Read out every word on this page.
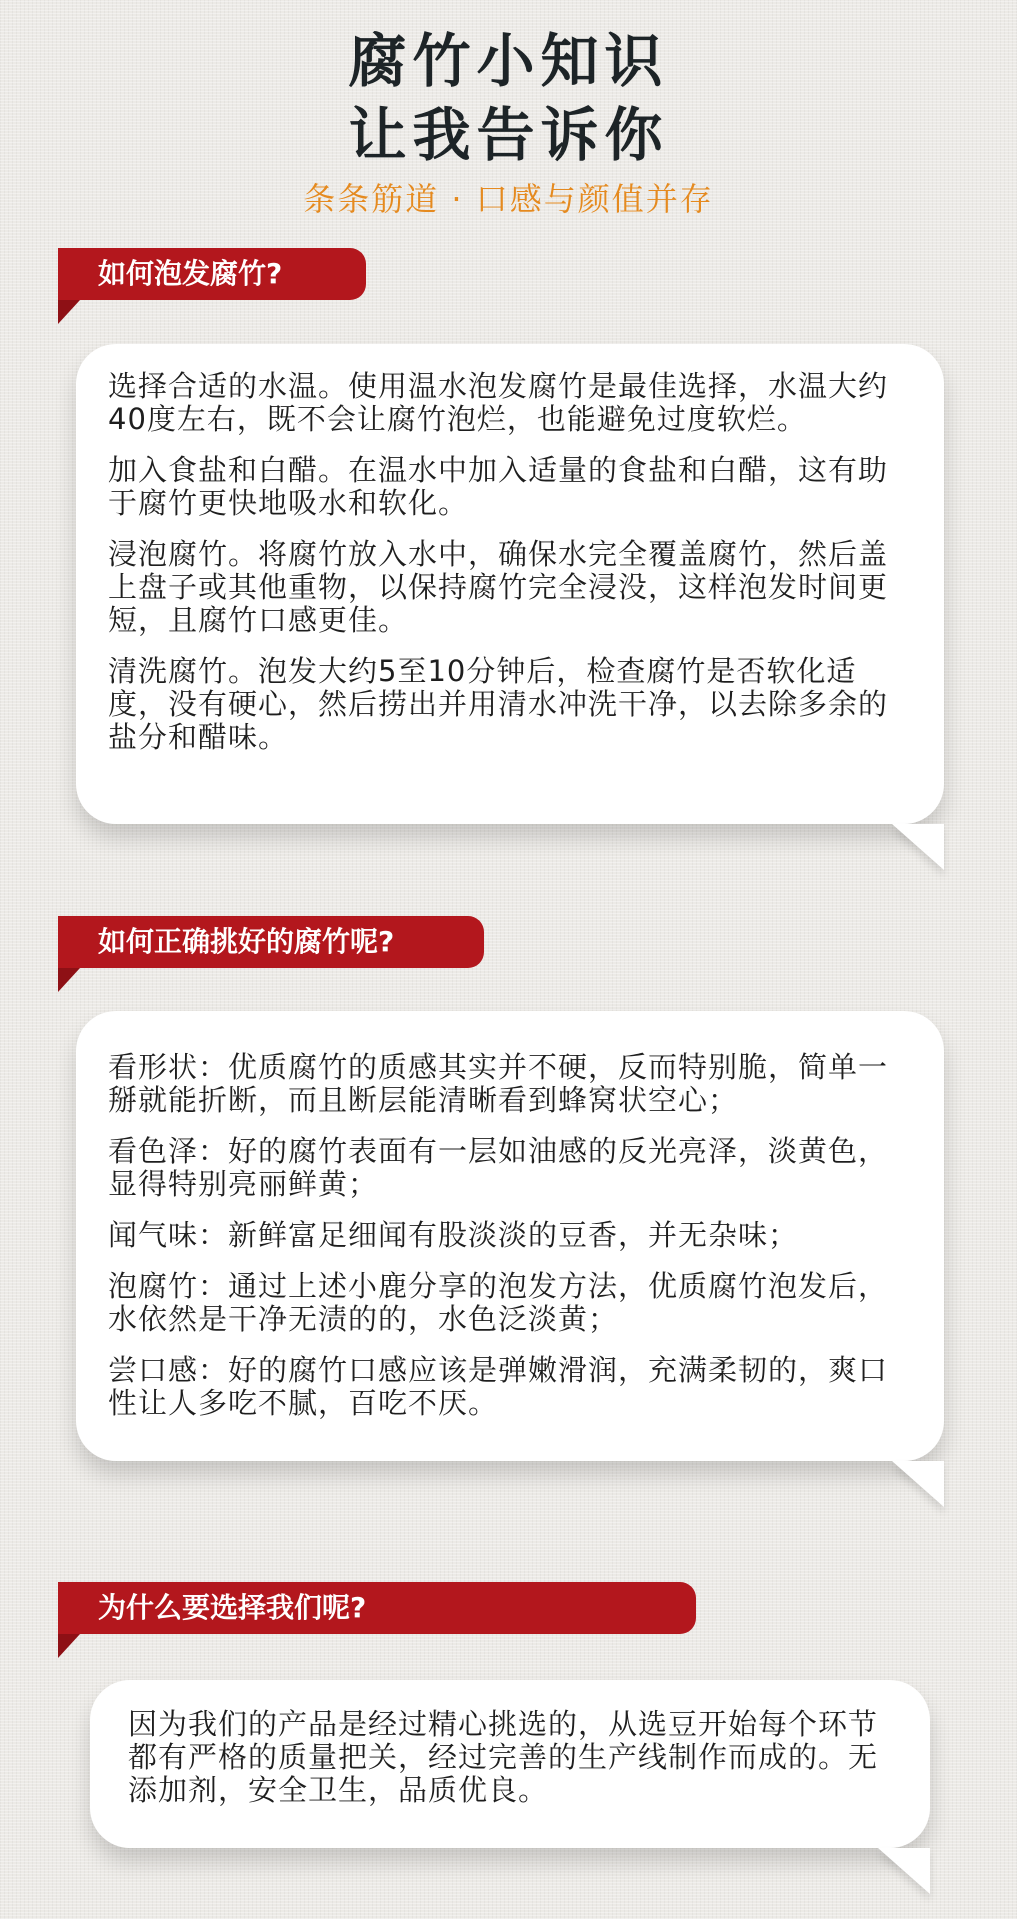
腐竹小知识
让我告诉你
条条筋道 · 口感与颜值并存
如何泡发腐竹?

选择合适的水温。使用温水泡发腐竹是最佳选择，水温大约40度左右，既不会让腐竹泡烂，也能避免过度软烂。

加入食盐和白醋。在温水中加入适量的食盐和白醋，这有助于腐竹更快地吸水和软化。

浸泡腐竹。将腐竹放入水中，确保水完全覆盖腐竹，然后盖上盘子或其他重物，以保持腐竹完全浸没，这样泡发时间更短，且腐竹口感更佳。

清洗腐竹。泡发大约5至10分钟后，检查腐竹是否软化适度，没有硬心，然后捞出并用清水冲洗干净，以去除多余的盐分和醋味。

如何正确挑好的腐竹呢?

看形状：优质腐竹的质感其实并不硬，反而特别脆，简单一掰就能折断，而且断层能清晰看到蜂窝状空心；

看色泽：好的腐竹表面有一层如油感的反光亮泽，淡黄色，显得特别亮丽鲜黄；

闻气味：新鲜富足细闻有股淡淡的豆香，并无杂味；

泡腐竹：通过上述小鹿分享的泡发方法，优质腐竹泡发后，水依然是干净无渍的的，水色泛淡黄；

尝口感：好的腐竹口感应该是弹嫩滑润，充满柔韧的，爽口性让人多吃不腻，百吃不厌。

为什么要选择我们呢?

因为我们的产品是经过精心挑选的，从选豆开始每个环节都有严格的质量把关，经过完善的生产线制作而成的。无添加剂，安全卫生，品质优良。
